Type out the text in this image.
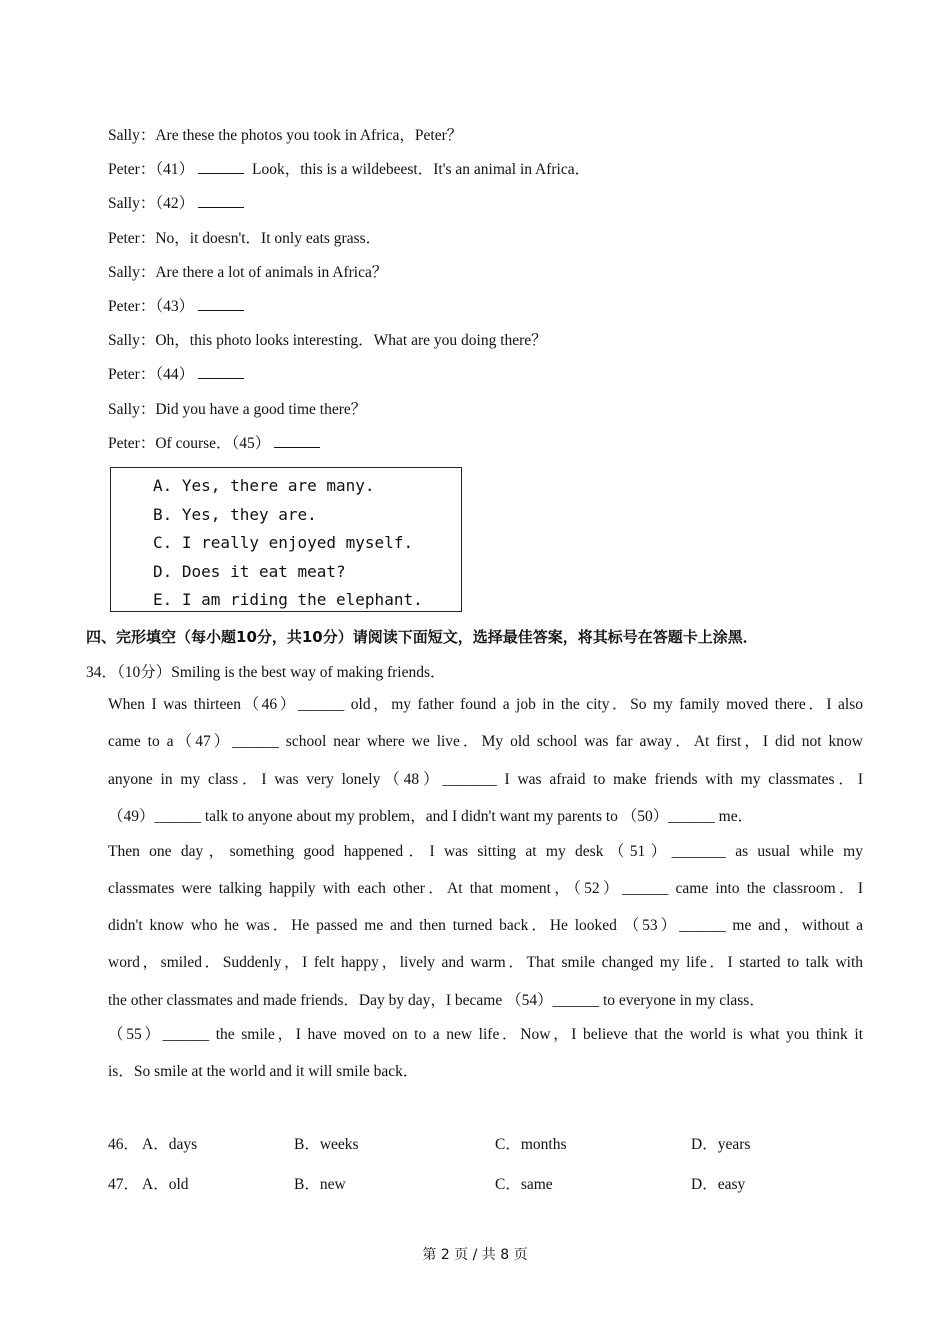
Sally：Are these the photos you took in Africa，Peter？
Peter：（41）	Look，this is a wildebeest．It's an animal in Africa．
Sally：（42）
Peter：No，it doesn't．It only eats grass．
Sally：Are there a lot of animals in Africa？
Peter：（43）
Sally：Oh，this photo looks interesting．What are you doing there？
Peter：（44）
Sally：Did you have a good time there？
Peter：Of course．（45）
A. Yes, there are many.
B. Yes, they are.
C. I really enjoyed myself.
D. Does it eat meat?
E. I am riding the elephant.
四、完形填空（每小题10分，共10分）请阅读下面短文，选择最佳答案，将其标号在答题卡上涂黑．
34．（10分）Smiling is the best way of making friends．
When I was thirteen（46）______ old，my father found a job in the city．So my family moved there．I also
came to a（47）______ school near where we live．My old school was far away．At first，I did not know
anyone in my class．I was very lonely（48）_______ I was afraid to make friends with my classmates．I
（49）______ talk to anyone about my problem，and I didn't want my parents to （50）______ me．
Then one day，something good happened．I was sitting at my desk（51）_______ as usual while my
classmates were talking happily with each other．At that moment，（52）______ came into the classroom．I
didn't know who he was．He passed me and then turned back．He looked （53）______ me and，without a
word，smiled．Suddenly，I felt happy，lively and warm．That smile changed my life．I started to talk with
the other classmates and made friends．Day by day，I became （54）______ to everyone in my class．
（55）______ the smile，I have moved on to a new life．Now，I believe that the world is what you think it
is．So smile at the world and it will smile back．
46． A．days	B．weeks	C．months	D．years
47． A．old	B．new	C．same	D．easy
第 2 页 / 共 8 页
